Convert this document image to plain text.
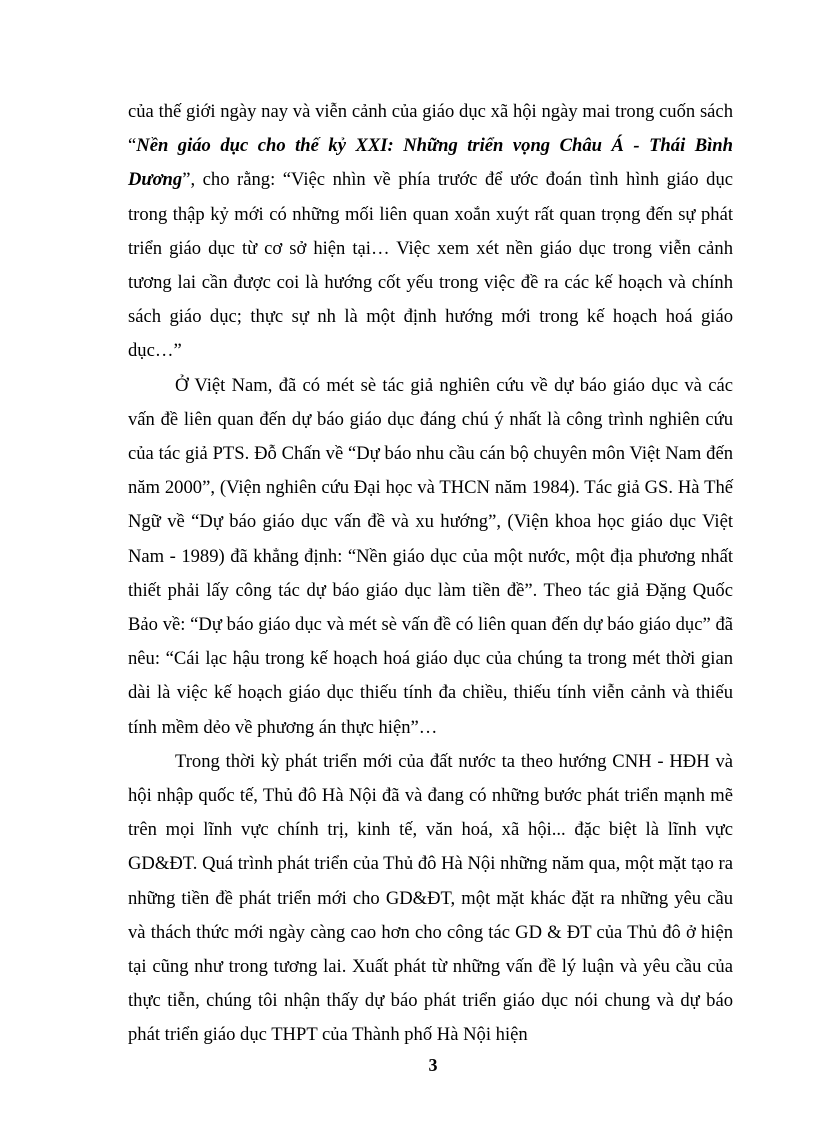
của thế giới ngày nay và viễn cảnh của giáo dục xã hội ngày mai trong cuốn sách “Nền giáo dục cho thế kỷ XXI: Những triển vọng Châu Á - Thái Bình Dương”, cho rằng: “Việc nhìn về phía trước để ước đoán tình hình giáo dục trong thập kỷ mới có những mối liên quan xoắn xuýt rất quan trọng đến sự phát triển giáo dục từ cơ sở hiện tại… Việc xem xét nền giáo dục trong viễn cảnh tương lai cần được coi là hướng cốt yếu trong việc đề ra các kế hoạch và chính sách giáo dục; thực sự nh là một định hướng mới trong kế hoạch hoá giáo dục…”

Ở Việt Nam, đã có mét sè tác giả nghiên cứu về dự báo giáo dục và các vấn đề liên quan đến dự báo giáo dục đáng chú ý nhất là công trình nghiên cứu của tác giả PTS. Đỗ Chấn về “Dự báo nhu cầu cán bộ chuyên môn Việt Nam đến năm 2000”, (Viện nghiên cứu Đại học và THCN năm 1984). Tác giả GS. Hà Thế Ngữ về “Dự báo giáo dục vấn đề và xu hướng”, (Viện khoa học giáo dục Việt Nam - 1989) đã khẳng định: “Nền giáo dục của một nước, một địa phương nhất thiết phải lấy công tác dự báo giáo dục làm tiền đề”. Theo tác giả Đặng Quốc Bảo về: “Dự báo giáo dục và mét sè vấn đề có liên quan đến dự báo giáo dục” đã nêu: “Cái lạc hậu trong kế hoạch hoá giáo dục của chúng ta trong mét thời gian dài là việc kế hoạch giáo dục thiếu tính đa chiều, thiếu tính viễn cảnh và thiếu tính mềm dẻo về phương án thực hiện”…

Trong thời kỳ phát triển mới của đất nước ta theo hướng CNH - HĐH và hội nhập quốc tế, Thủ đô Hà Nội đã và đang có những bước phát triển mạnh mẽ trên mọi lĩnh vực chính trị, kinh tế, văn hoá, xã hội... đặc biệt là lĩnh vực GD&ĐT. Quá trình phát triển của Thủ đô Hà Nội những năm qua, một mặt tạo ra những tiền đề phát triển mới cho GD&ĐT, một mặt khác đặt ra những yêu cầu và thách thức mới ngày càng cao hơn cho công tác GD & ĐT của Thủ đô ở hiện tại cũng như trong tương lai. Xuất phát từ những vấn đề lý luận và yêu cầu của thực tiễn, chúng tôi nhận thấy dự báo phát triển giáo dục nói chung và dự báo phát triển giáo dục THPT của Thành phố Hà Nội hiện

3
